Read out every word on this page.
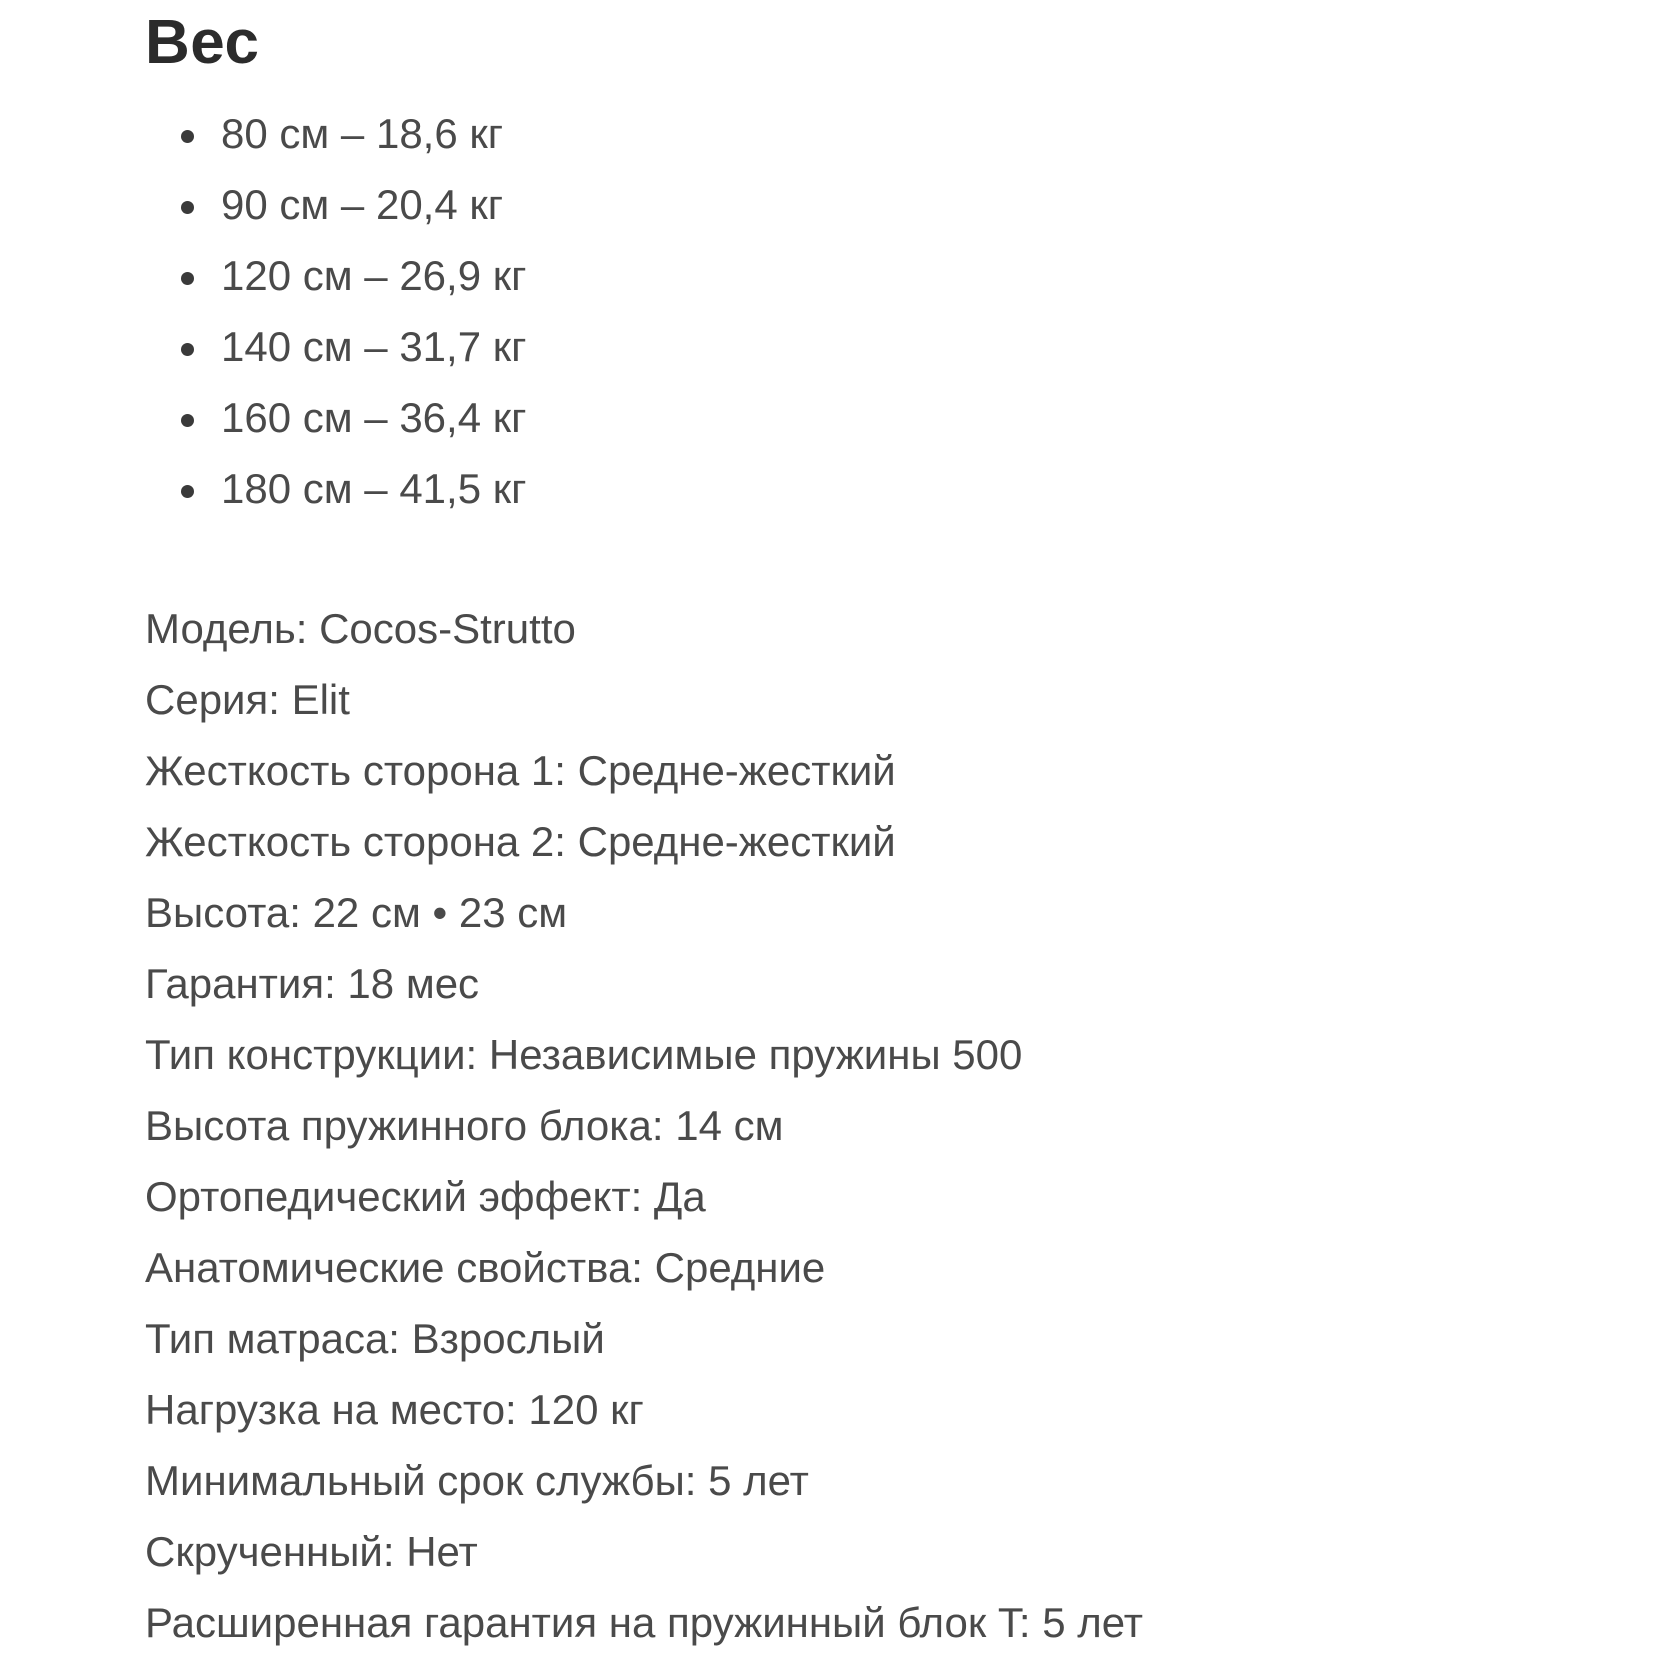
Вес
80 см – 18,6 кг
90 см – 20,4 кг
120 см – 26,9 кг
140 см – 31,7 кг
160 см – 36,4 кг
180 см – 41,5 кг
Модель: Cocos-Strutto
Серия: Elit
Жесткость сторона 1: Средне-жесткий
Жесткость сторона 2: Средне-жесткий
Высота: 22 см • 23 см
Гарантия: 18 мес
Тип конструкции: Независимые пружины 500
Высота пружинного блока: 14 см
Ортопедический эффект: Да
Анатомические свойства: Средние
Тип матраса: Взрослый
Нагрузка на место: 120 кг
Минимальный срок службы: 5 лет
Скрученный: Нет
Расширенная гарантия на пружинный блок T: 5 лет
